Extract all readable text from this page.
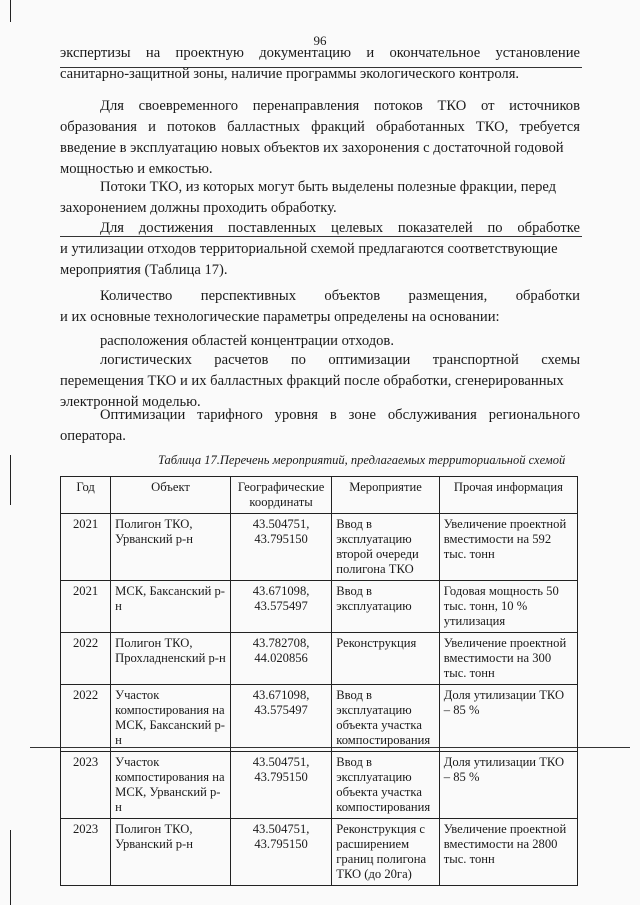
96
экспертизы на проектную документацию и окончательное установление
санитарно-защитной зоны, наличие программы экологического контроля.
Для своевременного перенаправления потоков ТКО от источников
образования и потоков балластных фракций обработанных ТКО, требуется
введение в эксплуатацию новых объектов их захоронения с достаточной годовой
мощностью и емкостью.
Потоки ТКО, из которых могут быть выделены полезные фракции, перед
захоронением должны проходить обработку.
Для достижения поставленных целевых показателей по обработке
и утилизации отходов территориальной схемой предлагаются соответствующие
мероприятия (Таблица 17).
Количество перспективных объектов размещения, обработки
и их основные технологические параметры определены на основании:
расположения областей концентрации отходов.
логистических расчетов по оптимизации транспортной схемы
перемещения ТКО и их балластных фракций после обработки, сгенерированных
электронной моделью.
Оптимизации тарифного уровня в зоне обслуживания регионального
оператора.
Таблица 17.Перечень мероприятий, предлагаемых территориальной схемой
Год	Объект	Географические координаты	Мероприятие	Прочая информация
2021	Полигон ТКО, Урванский р-н	43.504751, 43.795150	Ввод в эксплуатацию второй очереди полигона ТКО	Увеличение проектной вместимости на 592 тыс. тонн
2021	МСК, Баксанский р-н	43.671098, 43.575497	Ввод в эксплуатацию	Годовая мощность 50 тыс. тонн, 10 % утилизация
2022	Полигон ТКО, Прохладненский р-н	43.782708, 44.020856	Реконструкция	Увеличение проектной вместимости на 300 тыс. тонн
2022	Участок компостирования на МСК, Баксанский р-н	43.671098, 43.575497	Ввод в эксплуатацию объекта участка компостирования	Доля утилизации ТКО – 85 %
2023	Участок компостирования на МСК, Урванский р-н	43.504751, 43.795150	Ввод в эксплуатацию объекта участка компостирования	Доля утилизации ТКО – 85 %
2023	Полигон ТКО, Урванский р-н	43.504751, 43.795150	Реконструкция с расширением границ полигона ТКО (до 20га)	Увеличение проектной вместимости на 2800 тыс. тонн
